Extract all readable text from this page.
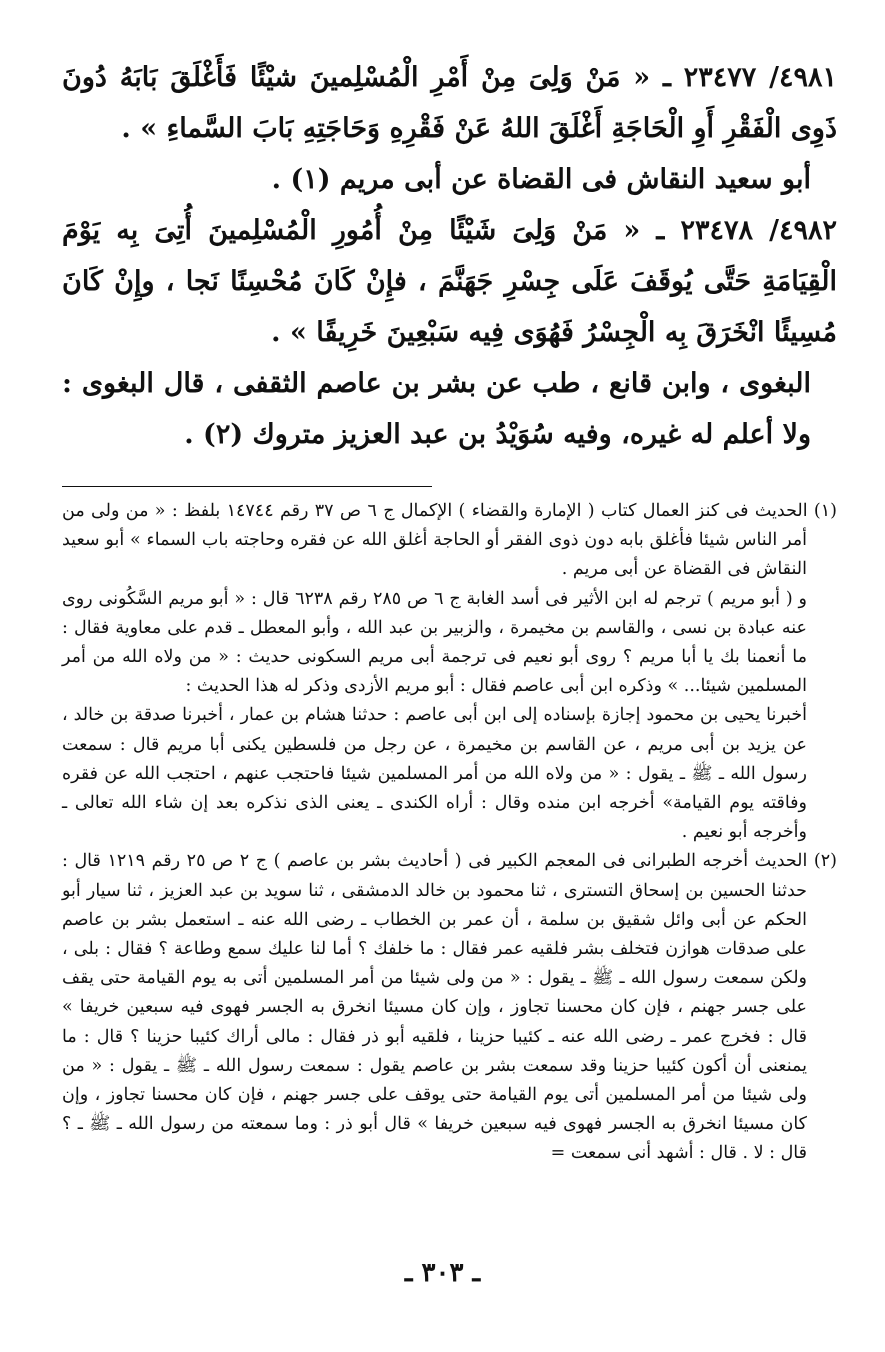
٤٩٨١/ ٢٣٤٧٧ ـ « مَنْ وَلِىَ مِنْ أَمْرِ الْمُسْلِمينَ شيْئًا فَأَغْلَقَ بَابَهُ دُونَ ذَوِى الْفَقْرِ أَوِ الْحَاجَةِ أَغْلَقَ اللهُ عَنْ فَقْرِهِ وَحَاجَتِهِ بَابَ السَّماءِ » .

أبو سعيد النقاش فى القضاة عن أبى مريم (١) .

٤٩٨٢/ ٢٣٤٧٨ ـ « مَنْ وَلِىَ شَيْئًا مِنْ أُمُورِ الْمُسْلِمينَ أُتِىَ بِه يَوْمَ الْقِيَامَةِ حَتَّى يُوقَفَ عَلَى جِسْرِ جَهَنَّمَ ، فإِنْ كَانَ مُحْسِنًا نَجا ، وإِنْ كَانَ مُسِيئًا انْخَرَقَ بِه الْجِسْرُ فَهُوَى فِيه سَبْعِينَ خَرِيفًا » .

البغوى ، وابن قانع ، طب عن بشر بن عاصم الثقفى ، قال البغوى : ولا أعلم له غيره، وفيه سُوَيْدُ بن عبد العزيز متروك (٢) .

(١) الحديث فى كنز العمال كتاب ( الإمارة والقضاء ) الإكمال ج ٦ ص ٣٧ رقم ١٤٧٤٤ بلفظ : « من ولى من أمر الناس شيئا فأغلق بابه دون ذوى الفقر أو الحاجة أغلق الله عن فقره وحاجته باب السماء » أبو سعيد النقاش فى القضاة عن أبى مريم .

و ( أبو مريم ) ترجم له ابن الأثير فى أسد الغابة ج ٦ ص ٢٨٥ رقم ٦٢٣٨ قال : « أبو مريم السَّكُونى روى عنه عبادة بن نسى ، والقاسم بن مخيمرة ، والزبير بن عبد الله ، وأبو المعطل ـ قدم على معاوية فقال : ما أنعمنا بك يا أبا مريم ؟ روى أبو نعيم فى ترجمة أبى مريم السكونى حديث : « من ولاه الله من أمر المسلمين شيئا... » وذكره ابن أبى عاصم فقال : أبو مريم الأزدى وذكر له هذا الحديث :

أخبرنا يحيى بن محمود إجازة بإسناده إلى ابن أبى عاصم : حدثنا هشام بن عمار ، أخبرنا صدقة بن خالد ، عن يزيد بن أبى مريم ، عن القاسم بن مخيمرة ، عن رجل من فلسطين يكنى أبا مريم قال : سمعت رسول الله ـ ﷺ ـ يقول : « من ولاه الله من أمر المسلمين شيئا فاحتجب عنهم ، احتجب الله عن فقره وفاقته يوم القيامة» أخرجه ابن منده وقال : أراه الكندى ـ يعنى الذى نذكره بعد إن شاء الله تعالى ـ وأخرجه أبو نعيم .

(٢) الحديث أخرجه الطبرانى فى المعجم الكبير فى ( أحاديث بشر بن عاصم ) ج ٢ ص ٢٥ رقم ١٢١٩ قال : حدثنا الحسين بن إسحاق التسترى ، ثنا محمود بن خالد الدمشقى ، ثنا سويد بن عبد العزيز ، ثنا سيار أبو الحكم عن أبى وائل شقيق بن سلمة ، أن عمر بن الخطاب ـ رضى الله عنه ـ استعمل بشر بن عاصم على صدقات هوازن فتخلف بشر فلقيه عمر فقال : ما خلفك ؟ أما لنا عليك سمع وطاعة ؟ فقال : بلى ، ولكن سمعت رسول الله ـ ﷺ ـ يقول : « من ولى شيئا من أمر المسلمين أتى به يوم القيامة حتى يقف على جسر جهنم ، فإن كان محسنا تجاوز ، وإن كان مسيئا انخرق به الجسر فهوى فيه سبعين خريفا » قال : فخرج عمر ـ رضى الله عنه ـ كئيبا حزينا ، فلقيه أبو ذر فقال : مالى أراك كئيبا حزينا ؟ قال : ما يمنعنى أن أكون كئيبا حزينا وقد سمعت بشر بن عاصم يقول : سمعت رسول الله ـ ﷺ ـ يقول : « من ولى شيئا من أمر المسلمين أتى يوم القيامة حتى يوقف على جسر جهنم ، فإن كان محسنا تجاوز ، وإن كان مسيئا انخرق به الجسر فهوى فيه سبعين خريفا » قال أبو ذر : وما سمعته من رسول الله ـ ﷺ ـ ؟ قال : لا . قال : أشهد أنى سمعت =

ـ ٣٠٣ ـ
